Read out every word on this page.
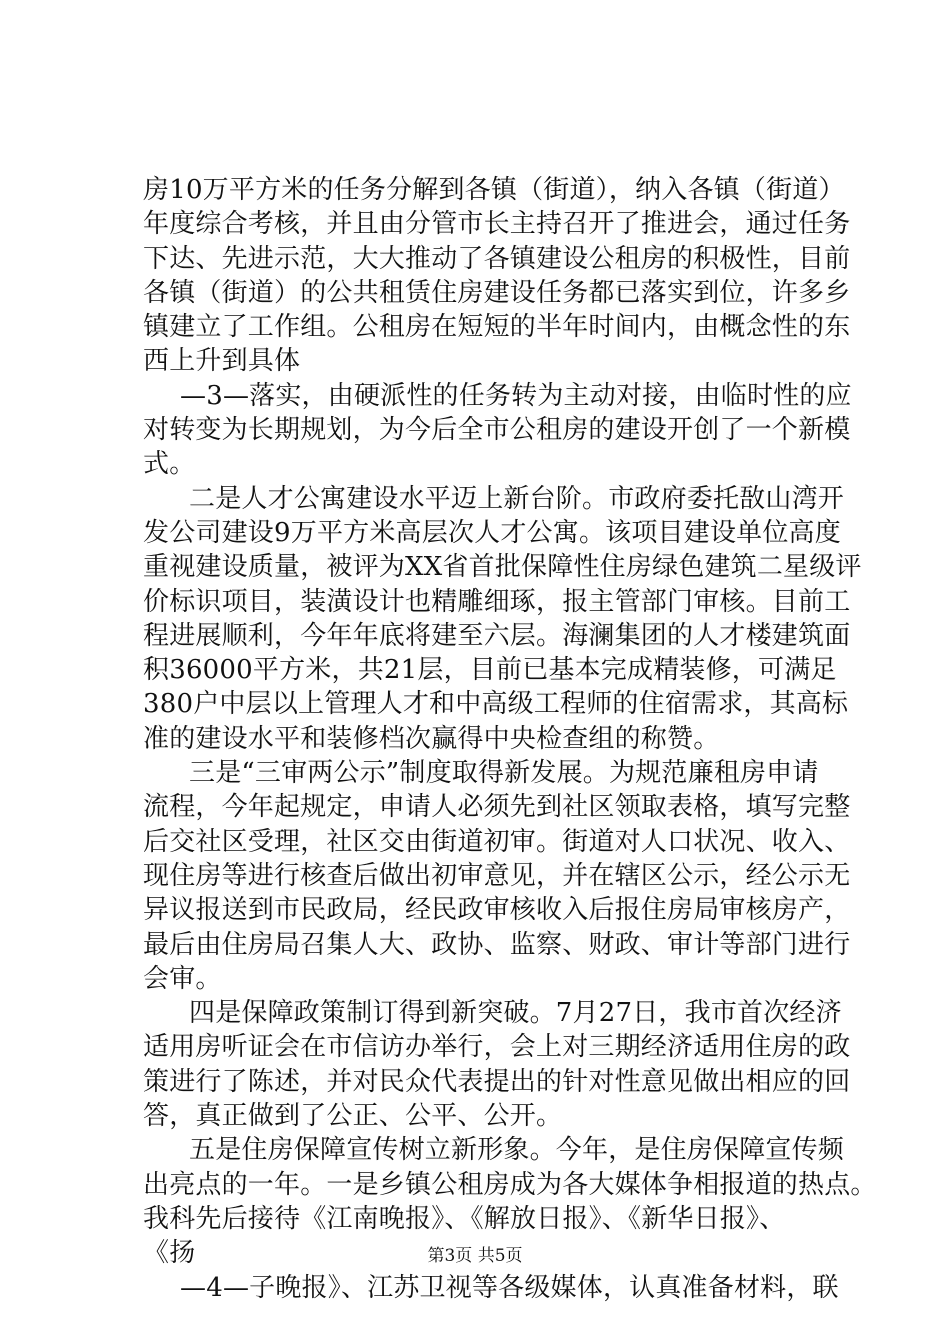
房10万平方米的任务分解到各镇（街道），纳入各镇（街道）
年度综合考核，并且由分管市长主持召开了推进会，通过任务
下达、先进示范，大大推动了各镇建设公租房的积极性，目前
各镇（街道）的公共租赁住房建设任务都已落实到位，许多乡
镇建立了工作组。公租房在短短的半年时间内，由概念性的东
西上升到具体
—3—落实，由硬派性的任务转为主动对接，由临时性的应
对转变为长期规划，为今后全市公租房的建设开创了一个新模
式。
二是人才公寓建设水平迈上新台阶。市政府委托敔山湾开
发公司建设9万平方米高层次人才公寓。该项目建设单位高度
重视建设质量，被评为XX省首批保障性住房绿色建筑二星级评
价标识项目，装潢设计也精雕细琢，报主管部门审核。目前工
程进展顺利，今年年底将建至六层。海澜集团的人才楼建筑面
积36000平方米，共21层，目前已基本完成精装修，可满足
380户中层以上管理人才和中高级工程师的住宿需求，其高标
准的建设水平和装修档次赢得中央检查组的称赞。
三是“三审两公示”制度取得新发展。为规范廉租房申请
流程，今年起规定，申请人必须先到社区领取表格，填写完整
后交社区受理，社区交由街道初审。街道对人口状况、收入、
现住房等进行核查后做出初审意见，并在辖区公示，经公示无
异议报送到市民政局，经民政审核收入后报住房局审核房产，
最后由住房局召集人大、政协、监察、财政、审计等部门进行
会审。
四是保障政策制订得到新突破。7月27日，我市首次经济
适用房听证会在市信访办举行，会上对三期经济适用住房的政
策进行了陈述，并对民众代表提出的针对性意见做出相应的回
答，真正做到了公正、公平、公开。
五是住房保障宣传树立新形象。今年，是住房保障宣传频
出亮点的一年。一是乡镇公租房成为各大媒体争相报道的热点。
我科先后接待《江南晚报》、《解放日报》、《新华日报》、
《扬
—4—子晚报》、江苏卫视等各级媒体，认真准备材料，联
第3页 共5页
